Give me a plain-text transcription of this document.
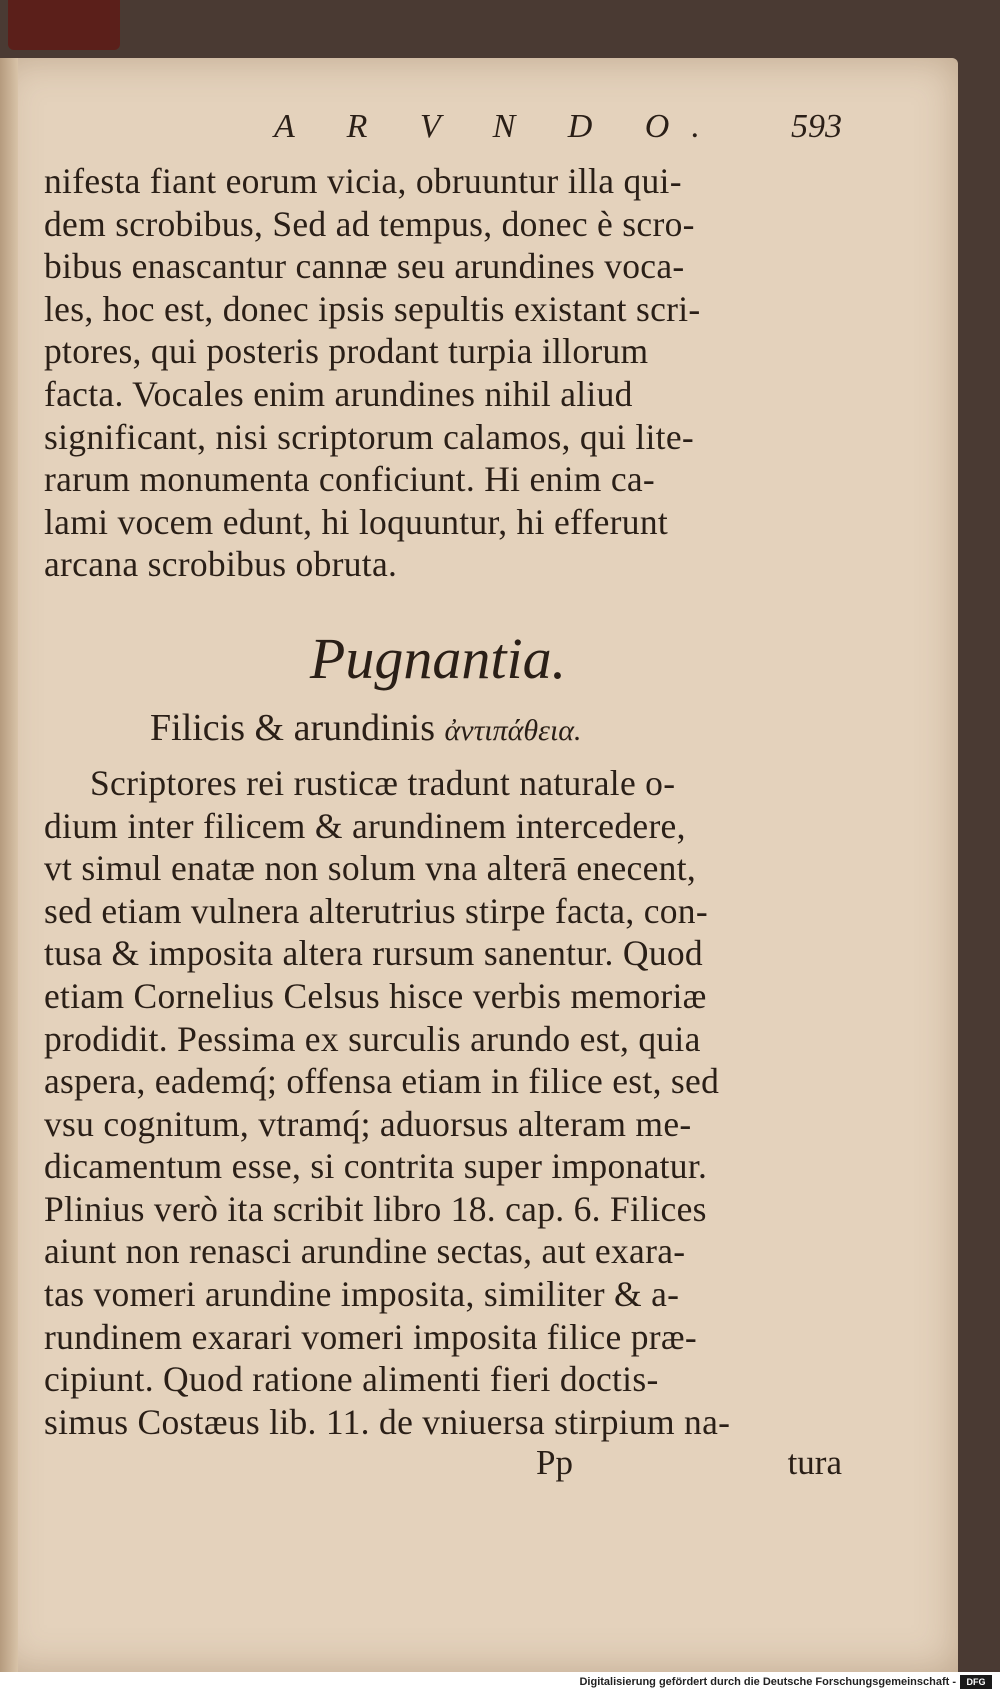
A R V N D O. 593

nifesta fiant eorum vicia, obruuntur illa qui-
dem scrobibus, Sed ad tempus, donec è scro-
bibus enascantur cannæ seu arundines voca-
les, hoc est, donec ipsis sepultis existant scri-
ptores, qui posteris prodant turpia illorum
facta. Vocales enim arundines nihil aliud
significant, nisi scriptorum calamos, qui lite-
rarum monumenta conficiunt. Hi enim ca-
lami vocem edunt, hi loquuntur, hi efferunt
arcana scrobibus obruta.

Pugnantia.
Filicis & arundinis ἀντιπάθεια.

Scriptores rei rusticæ tradunt naturale o-
dium inter filicem & arundinem intercedere,
vt simul enatæ non solum vna alterā enecent,
sed etiam vulnera alterutrius stirpe facta, con-
tusa & imposita altera rursum sanentur. Quod
etiam Cornelius Celsus hisce verbis memoriæ
prodidit. Pessima ex surculis arundo est, quia
aspera, eademq́; offensa etiam in filice est, sed
vsu cognitum, vtramq́; aduorsus alteram me-
dicamentum esse, si contrita super imponatur.
Plinius verò ita scribit libro 18. cap. 6. Filices
aiunt non renasci arundine sectas, aut exara-
tas vomeri arundine imposita, similiter & a-
rundinem exarari vomeri imposita filice præ-
cipiunt. Quod ratione alimenti fieri doctis-
simus Costæus lib. 11. de vniuersa stirpium na-

Pp	tura
Digitalisierung gefördert durch die Deutsche Forschungsgemeinschaft -	DFG
